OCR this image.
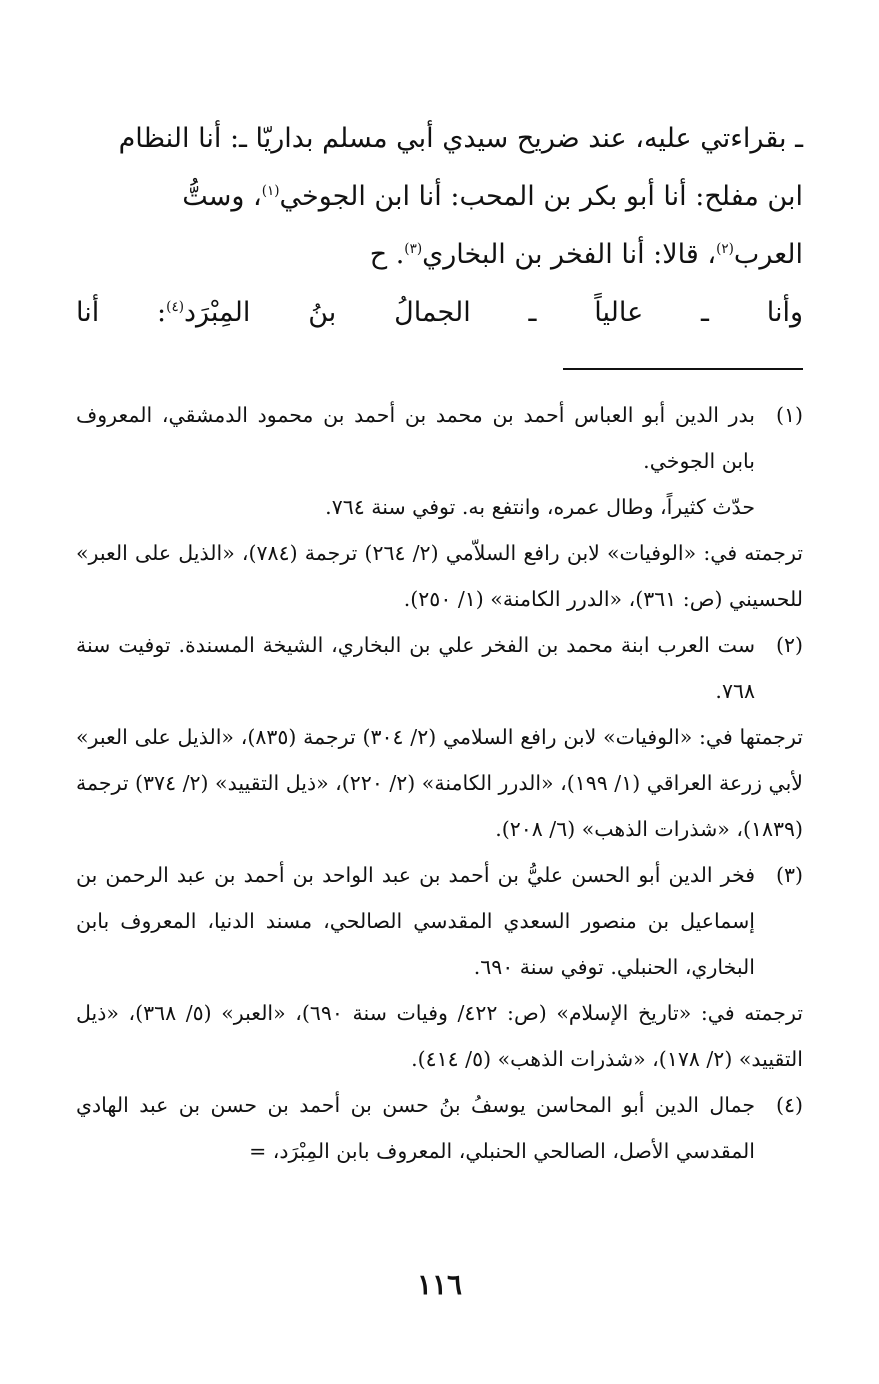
ـ بقراءتي عليه، عند ضريح سيدي أبي مسلم بداريّا ـ: أنا النظام

ابن مفلح: أنا أبو بكر بن المحب: أنا ابن الجوخي$^{(١)}$، وستُّ

العرب$^{(٢)}$، قالا: أنا الفخر بن البخاري$^{(٣)}$. ح

وأنا ـ عالياً ـ الجمالُ بنُ المِبْرَد$^{(٤)}$: أنا

(١)

بدر الدين أبو العباس أحمد بن محمد بن أحمد بن محمود الدمشقي، المعروف بابن الجوخي.

حدّث كثيراً، وطال عمره، وانتفع به. توفي سنة ٧٦٤.

ترجمته في: «الوفيات» لابن رافع السلاّمي (٢/ ٢٦٤) ترجمة (٧٨٤)، «الذيل على العبر» للحسيني (ص: ٣٦١)، «الدرر الكامنة» (١/ ٢٥٠).

(٢)

ست العرب ابنة محمد بن الفخر علي بن البخاري، الشيخة المسندة. توفيت سنة ٧٦٨.

ترجمتها في: «الوفيات» لابن رافع السلامي (٢/ ٣٠٤) ترجمة (٨٣٥)، «الذيل على العبر» لأبي زرعة العراقي (١/ ١٩٩)، «الدرر الكامنة» (٢/ ٢٢٠)، «ذيل التقييد» (٢/ ٣٧٤) ترجمة (١٨٣٩)، «شذرات الذهب» (٦/ ٢٠٨).

(٣)

فخر الدين أبو الحسن عليُّ بن أحمد بن عبد الواحد بن أحمد بن عبد الرحمن بن إسماعيل بن منصور السعدي المقدسي الصالحي، مسند الدنيا، المعروف بابن البخاري، الحنبلي. توفي سنة ٦٩٠.

ترجمته في: «تاريخ الإسلام» (ص: ٤٢٢/ وفيات سنة ٦٩٠)، «العبر» (٥/ ٣٦٨)، «ذيل التقييد» (٢/ ١٧٨)، «شذرات الذهب» (٥/ ٤١٤).

(٤)

جمال الدين أبو المحاسن يوسفُ بنُ حسن بن أحمد بن حسن بن عبد الهادي المقدسي الأصل، الصالحي الحنبلي، المعروف بابن المِبْرَد، =

١١٦
